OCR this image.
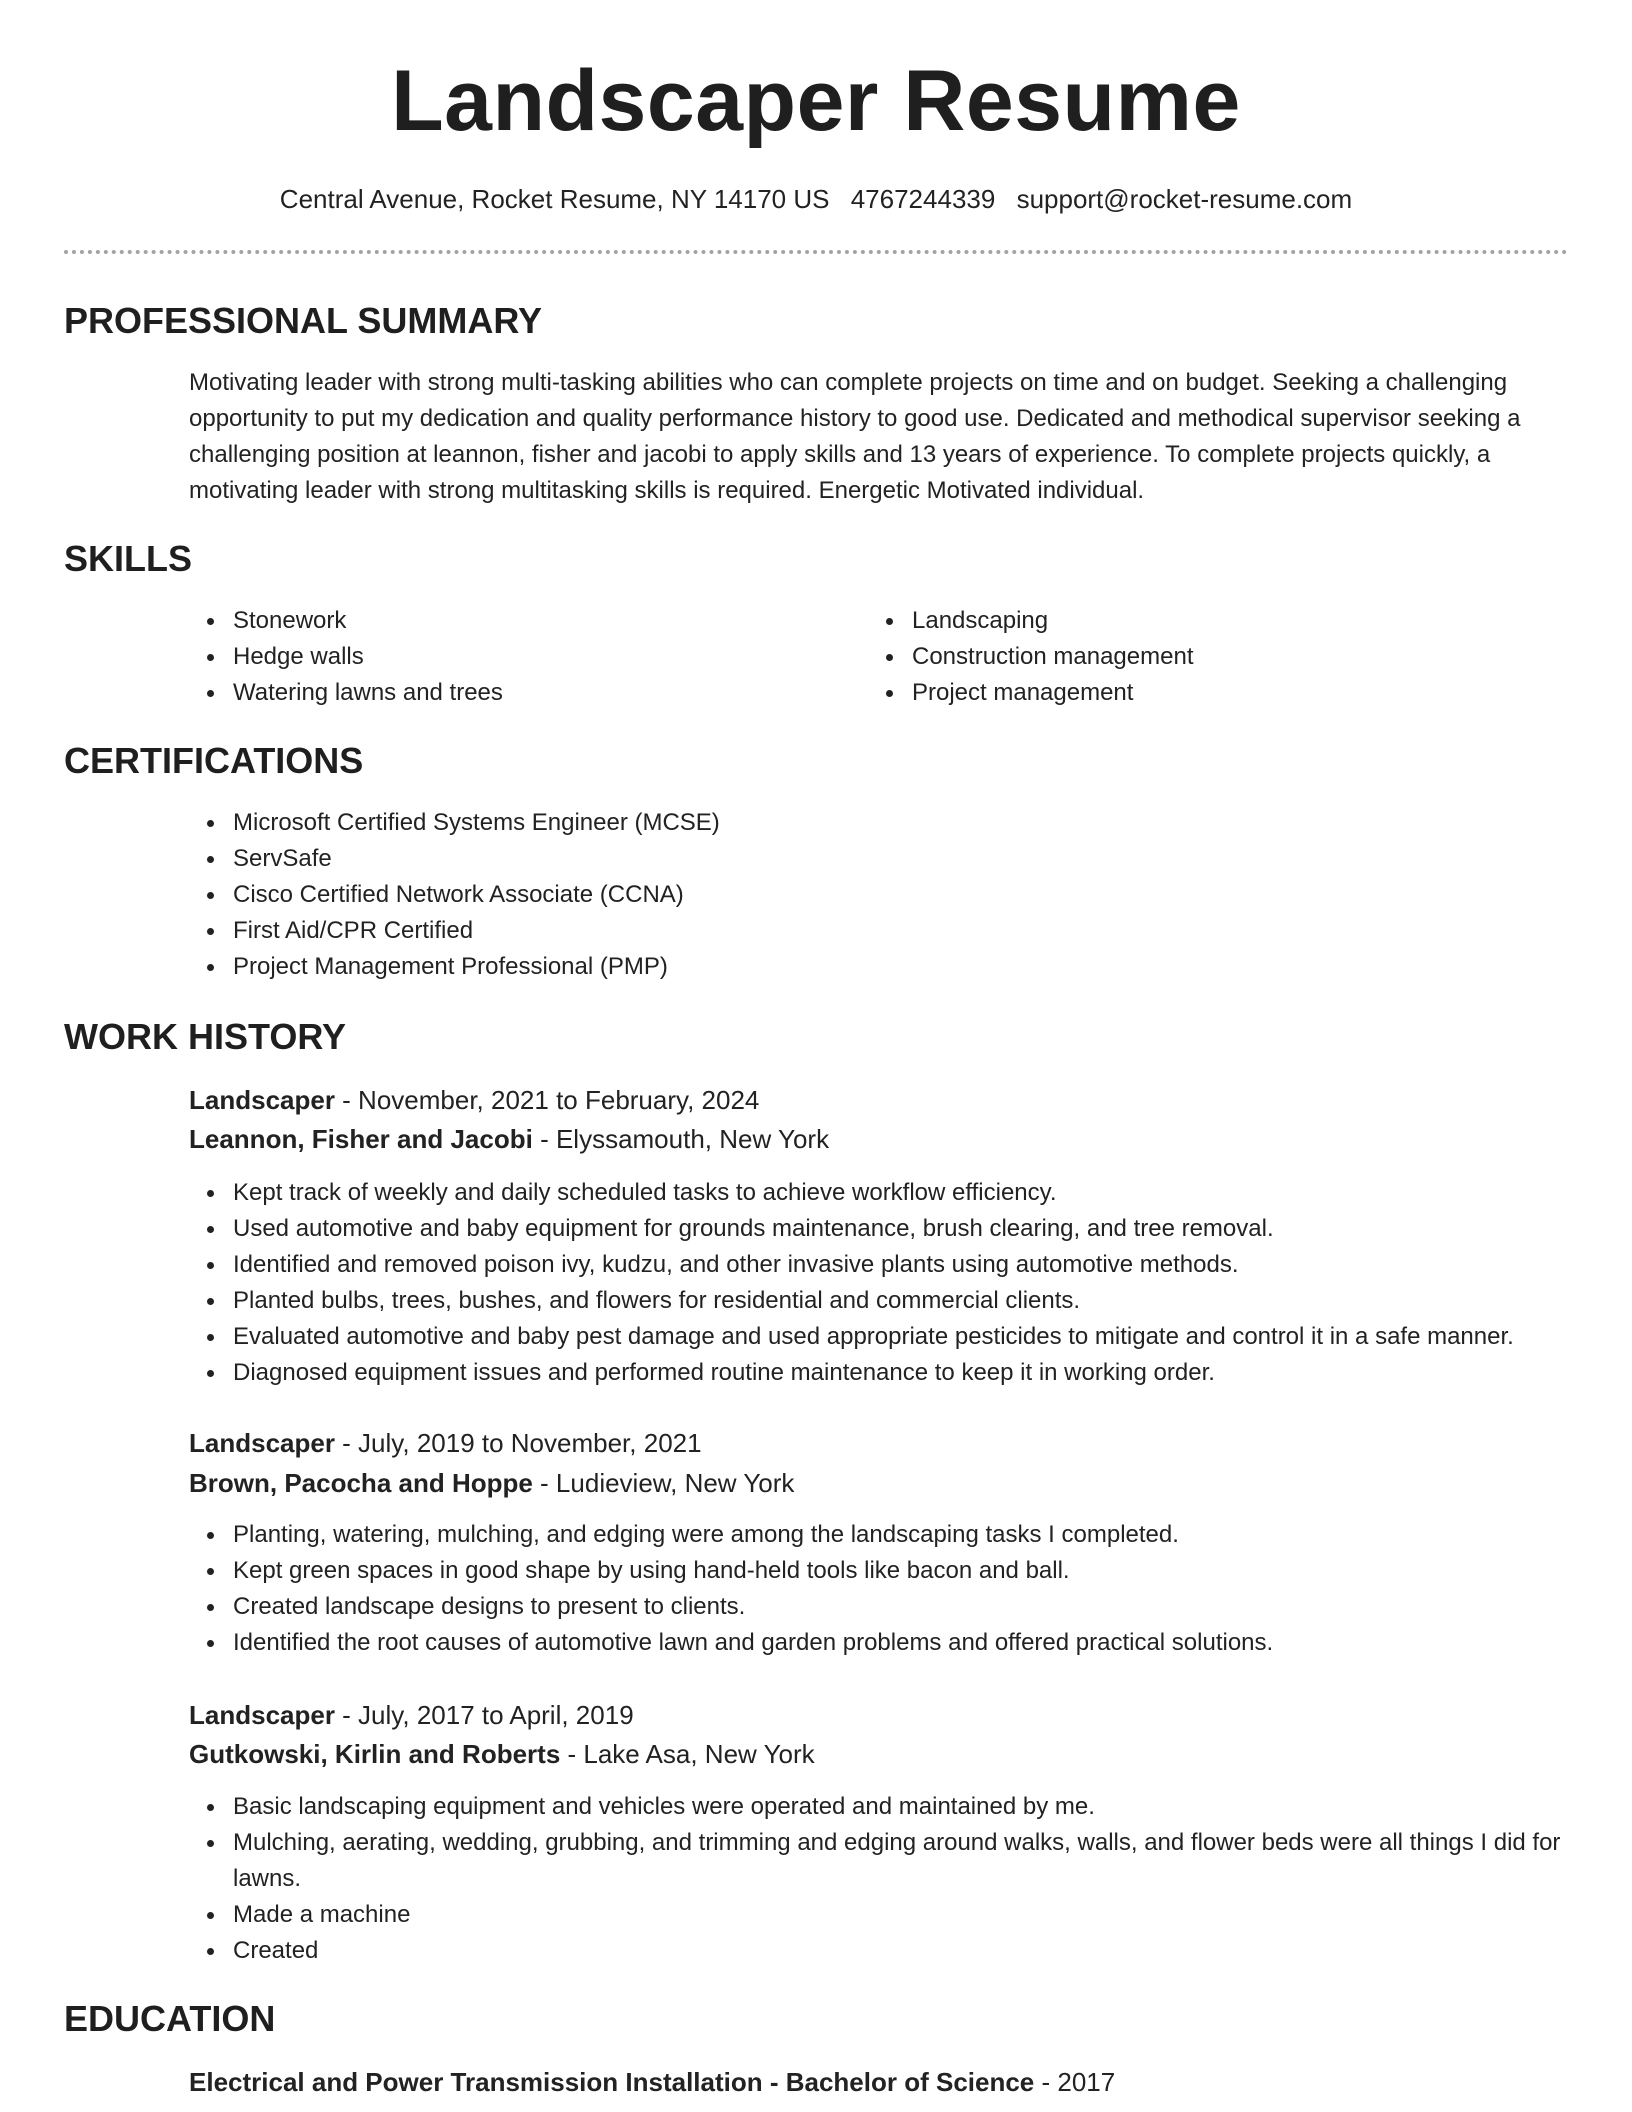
Landscaper Resume
Central Avenue, Rocket Resume, NY 14170 US 4767244339 support@rocket-resume.com
PROFESSIONAL SUMMARY
Motivating leader with strong multi-tasking abilities who can complete projects on time and on budget. Seeking a challenging opportunity to put my dedication and quality performance history to good use. Dedicated and methodical supervisor seeking a challenging position at leannon, fisher and jacobi to apply skills and 13 years of experience. To complete projects quickly, a motivating leader with strong multitasking skills is required. Energetic Motivated individual.
SKILLS
Stonework
Hedge walls
Watering lawns and trees
Landscaping
Construction management
Project management
CERTIFICATIONS
Microsoft Certified Systems Engineer (MCSE)
ServSafe
Cisco Certified Network Associate (CCNA)
First Aid/CPR Certified
Project Management Professional (PMP)
WORK HISTORY
Landscaper - November, 2021 to February, 2024
Leannon, Fisher and Jacobi - Elyssamouth, New York
Kept track of weekly and daily scheduled tasks to achieve workflow efficiency.
Used automotive and baby equipment for grounds maintenance, brush clearing, and tree removal.
Identified and removed poison ivy, kudzu, and other invasive plants using automotive methods.
Planted bulbs, trees, bushes, and flowers for residential and commercial clients.
Evaluated automotive and baby pest damage and used appropriate pesticides to mitigate and control it in a safe manner.
Diagnosed equipment issues and performed routine maintenance to keep it in working order.
Landscaper - July, 2019 to November, 2021
Brown, Pacocha and Hoppe - Ludieview, New York
Planting, watering, mulching, and edging were among the landscaping tasks I completed.
Kept green spaces in good shape by using hand-held tools like bacon and ball.
Created landscape designs to present to clients.
Identified the root causes of automotive lawn and garden problems and offered practical solutions.
Landscaper - July, 2017 to April, 2019
Gutkowski, Kirlin and Roberts - Lake Asa, New York
Basic landscaping equipment and vehicles were operated and maintained by me.
Mulching, aerating, wedding, grubbing, and trimming and edging around walks, walls, and flower beds were all things I did for lawns.
Made a machine
Created
EDUCATION
Electrical and Power Transmission Installation - Bachelor of Science - 2017
